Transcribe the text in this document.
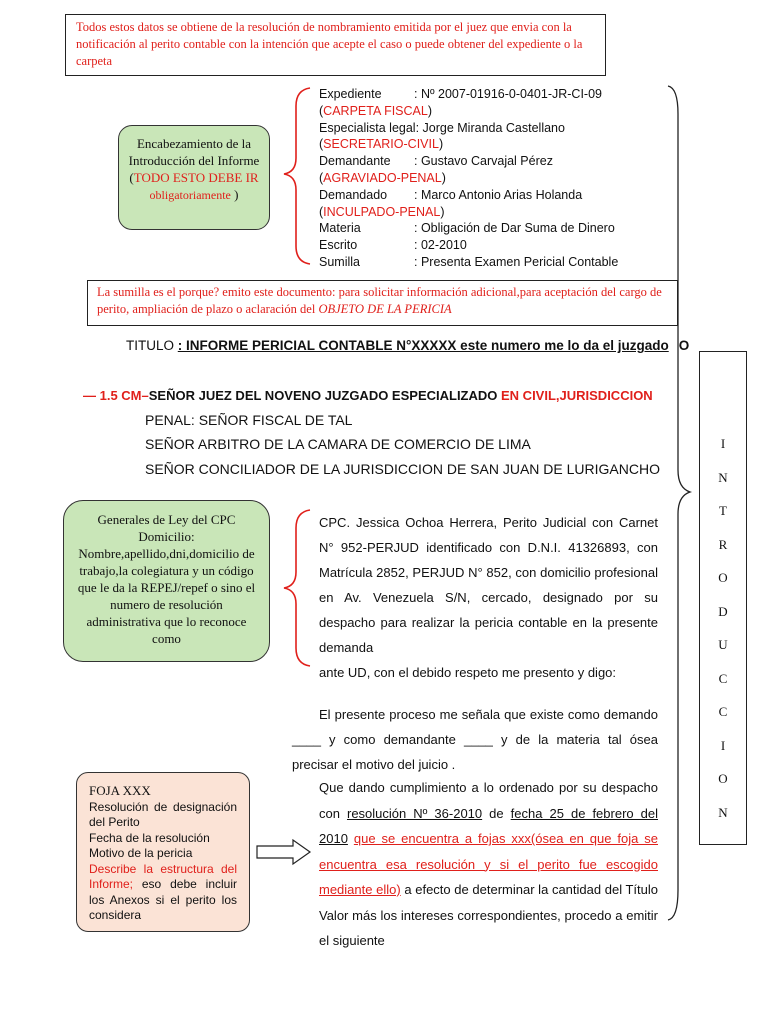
Todos estos datos se obtiene de la resolución de nombramiento emitida por el juez que envia con la notificación al perito contable con la intención que acepte el caso o puede obtener del expediente o la carpeta
Encabezamiento de la Introducción del Informe (TODO ESTO DEBE IR
obligatoriamente )
Expediente	: Nº 2007-01916-0-0401-JR-CI-09
(CARPETA FISCAL)
Especialista legal: Jorge Miranda Castellano
(SECRETARIO-CIVIL)
Demandante : Gustavo Carvajal Pérez
(AGRAVIADO-PENAL)
Demandado : Marco Antonio Arias Holanda
(INCULPADO-PENAL)
Materia	: Obligación de Dar Suma de Dinero
Escrito	: 02-2010
Sumilla	: Presenta Examen Pericial Contable
La sumilla es el porque? emito este documento: para solicitar información adicional,para aceptación del cargo de perito, ampliación de plazo o aclaración del OBJETO DE LA PERICIA
TITULO : INFORME PERICIAL CONTABLE N°XXXXX este numero me lo da el juzgado O
— 1.5 CM–SEÑOR JUEZ DEL NOVENO JUZGADO ESPECIALIZADO EN CIVIL,JURISDICCION
PENAL: SEÑOR FISCAL DE TAL
SEÑOR ARBITRO DE LA CAMARA DE COMERCIO DE LIMA
SEÑOR CONCILIADOR DE LA JURISDICCION DE SAN JUAN DE LURIGANCHO
Generales de Ley del CPC Domicilio: Nombre,apellido,dni,domicilio de trabajo,la colegiatura y un código que le da la REPEJ/repef o sino el numero de resolución administrativa que lo reconoce como
CPC. Jessica Ochoa Herrera, Perito Judicial con Carnet N° 952-PERJUD identificado con D.N.I. 41326893, con Matrícula 2852, PERJUD N° 852, con domicilio profesional en Av. Venezuela S/N, cercado, designado por su despacho para realizar la pericia contable en la presente demanda
ante UD, con el debido respeto me presento y digo:
El presente proceso me señala que existe como demando
____ y como demandante ____ y de la materia tal ósea precisar el motivo del juicio .
Que dando cumplimiento a lo ordenado por su despacho
con resolución Nº 36-2010 de fecha 25 de febrero del 2010 que se encuentra a fojas xxx(ósea en que foja se encuentra esa resolución y si el perito fue escogido mediante ello) a efecto de determinar la cantidad del Título Valor más los intereses correspondientes, procedo a emitir el siguiente
FOJA XXX
Resolución de designación del Perito
Fecha de la resolución
Motivo de la pericia
Describe la estructura del Informe; eso debe incluir los Anexos si el perito los considera
I
N
T
R
O
D
U
C
C
I
O
N
